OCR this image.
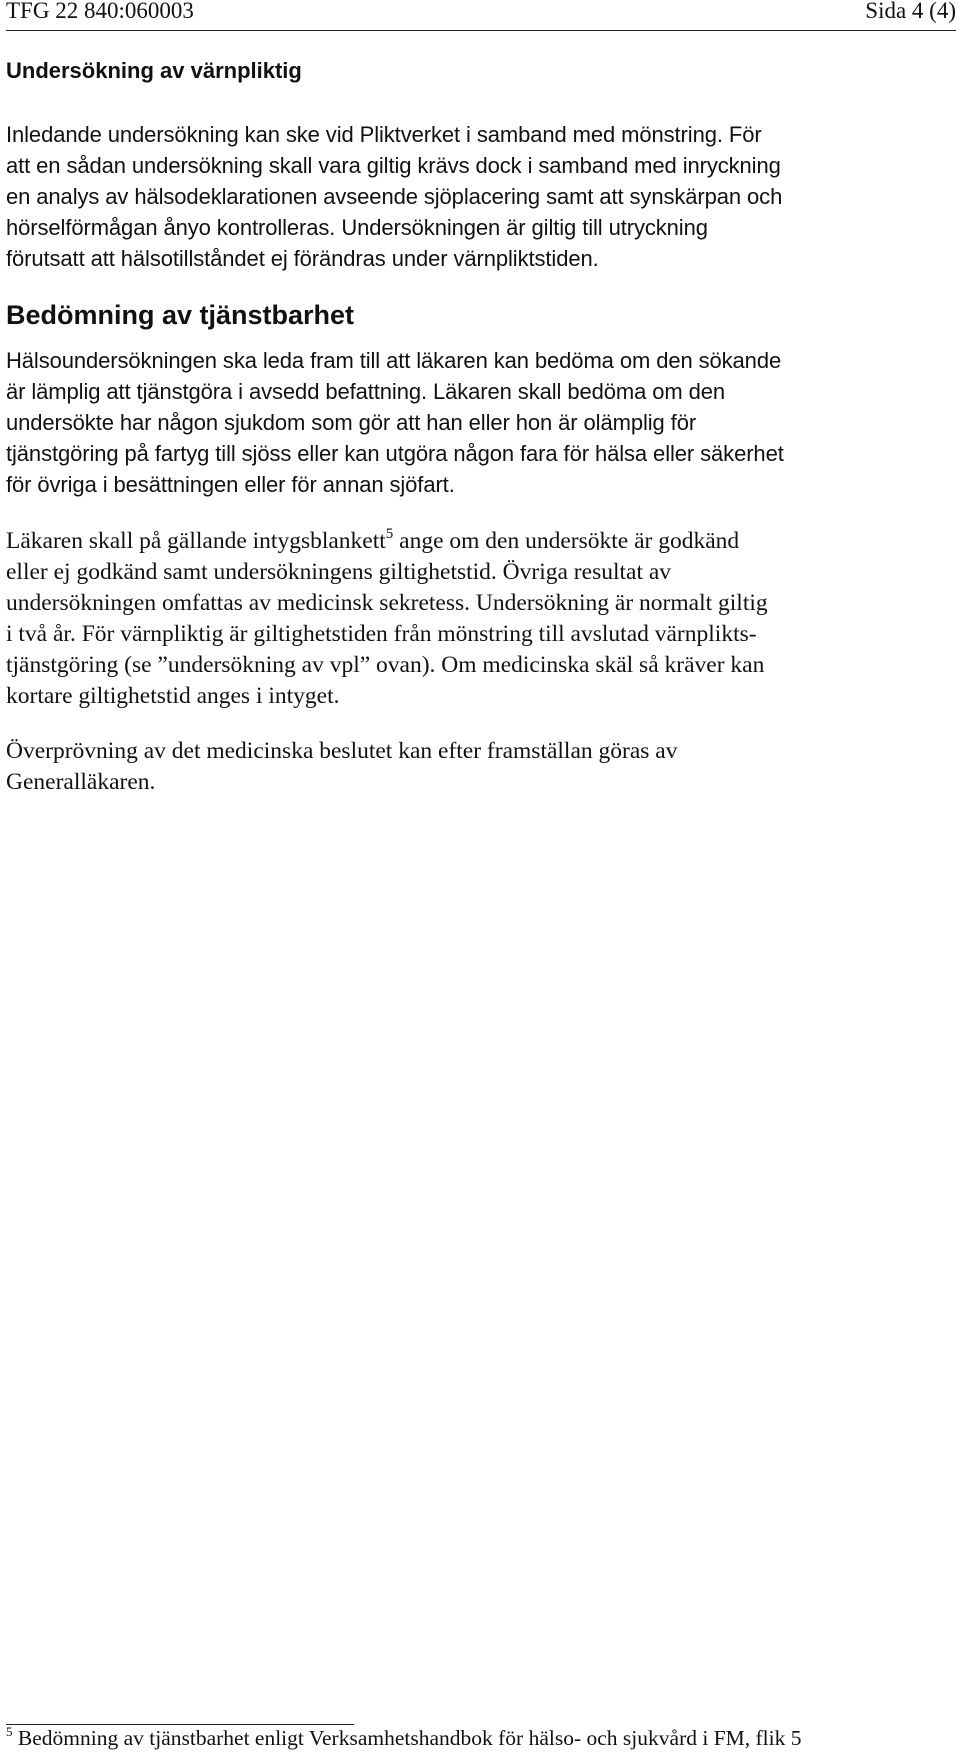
TFG 22 840:060003	Sida 4 (4)
Undersökning av värnpliktig
Inledande undersökning kan ske vid Pliktverket i samband med mönstring. För
att en sådan undersökning skall vara giltig krävs dock i samband med inryckning
en analys av hälsodeklarationen avseende sjöplacering samt att synskärpan och
hörselförmågan ånyo kontrolleras. Undersökningen är giltig till utryckning
förutsatt att hälsotillståndet ej förändras under värnpliktstiden.
Bedömning av tjänstbarhet
Hälsoundersökningen ska leda fram till att läkaren kan bedöma om den sökande
är lämplig att tjänstgöra i avsedd befattning. Läkaren skall bedöma om den
undersökte har någon sjukdom som gör att han eller hon är olämplig för
tjänstgöring på fartyg till sjöss eller kan utgöra någon fara för hälsa eller säkerhet
för övriga i besättningen eller för annan sjöfart.
Läkaren skall på gällande intygsblankett$^5$ ange om den undersökte är godkänd
eller ej godkänd samt undersökningens giltighetstid. Övriga resultat av
undersökningen omfattas av medicinsk sekretess. Undersökning är normalt giltig
i två år. För värnpliktig är giltighetstiden från mönstring till avslutad värnplikts-
tjänstgöring (se ”undersökning av vpl” ovan). Om medicinska skäl så kräver kan
kortare giltighetstid anges i intyget.
Överprövning av det medicinska beslutet kan efter framställan göras av
Generalläkaren.
$^5$ Bedömning av tjänstbarhet enligt Verksamhetshandbok för hälso- och sjukvård i FM, flik 5
